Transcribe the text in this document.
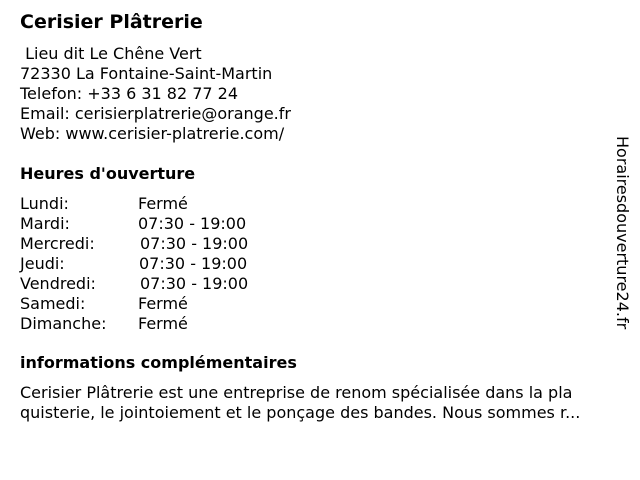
Cerisier Plâtrerie
Lieu dit Le Chêne Vert
72330 La Fontaine-Saint-Martin
Telefon: +33 6 31 82 77 24
Email: cerisierplatrerie@orange.fr
Web: www.cerisier-platrerie.com/
Heures d'ouverture
Lundi:	Fermé
Mardi:	07:30 - 19:00
Mercredi:	07:30 - 19:00
Jeudi:	07:30 - 19:00
Vendredi:	07:30 - 19:00
Samedi:	Fermé
Dimanche: Fermé
informations complémentaires
Cerisier Plâtrerie est une entreprise de renom spécialisée dans la pla
quisterie, le jointoiement et le ponçage des bandes. Nous sommes r...
Horairesdouverture24.fr
